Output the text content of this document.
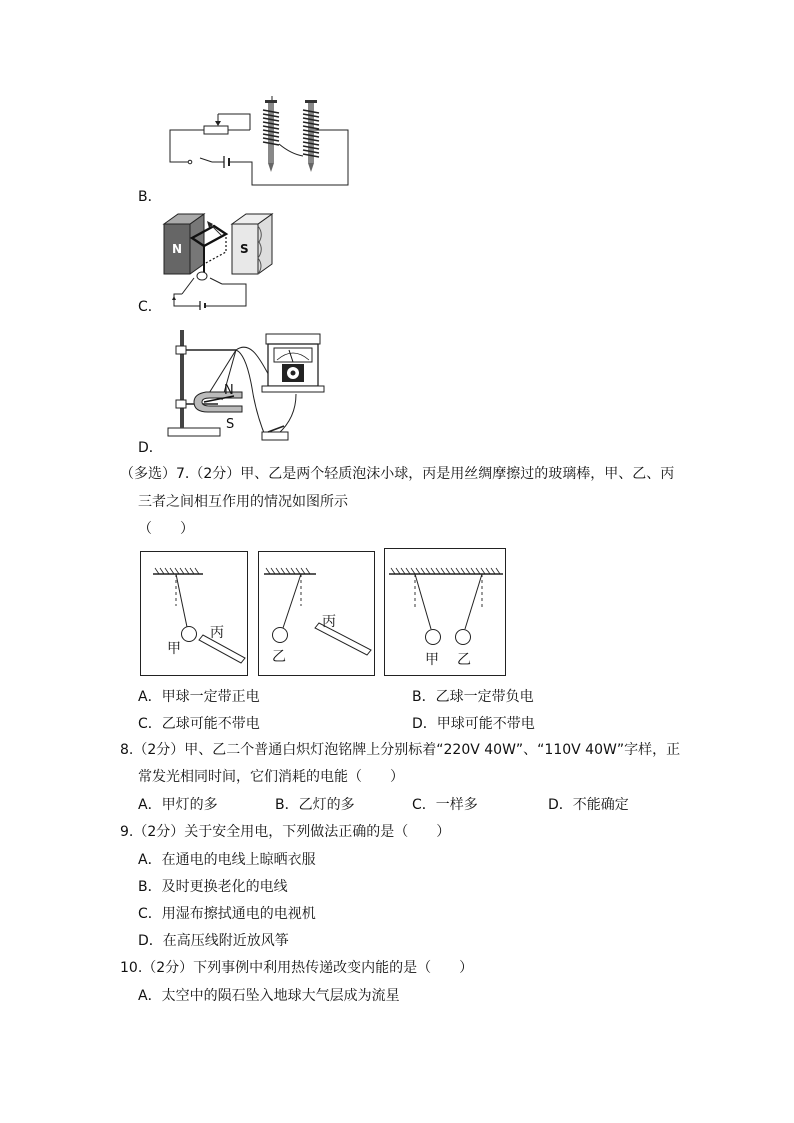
B．
N	S
C．
N
S
D．
（多选）7.（2分）甲、乙是两个轻质泡沫小球，丙是用丝绸摩擦过的玻璃棒，甲、乙、丙
三者之间相互作用的情况如图所示
（　　）
甲
丙
乙
丙
甲 乙
A．甲球一定带正电	B．乙球一定带负电
C．乙球可能不带电	D．甲球可能不带电
8.（2分）甲、乙二个普通白炽灯泡铭牌上分别标着“220V 40W”、“110V 40W”字样，正
常发光相同时间，它们消耗的电能（　　）
A．甲灯的多	B．乙灯的多	C．一样多	D．不能确定
9.（2分）关于安全用电，下列做法正确的是（　　）
A．在通电的电线上晾晒衣服
B．及时更换老化的电线
C．用湿布擦拭通电的电视机
D．在高压线附近放风筝
10.（2分）下列事例中利用热传递改变内能的是（　　）
A．太空中的陨石坠入地球大气层成为流星
